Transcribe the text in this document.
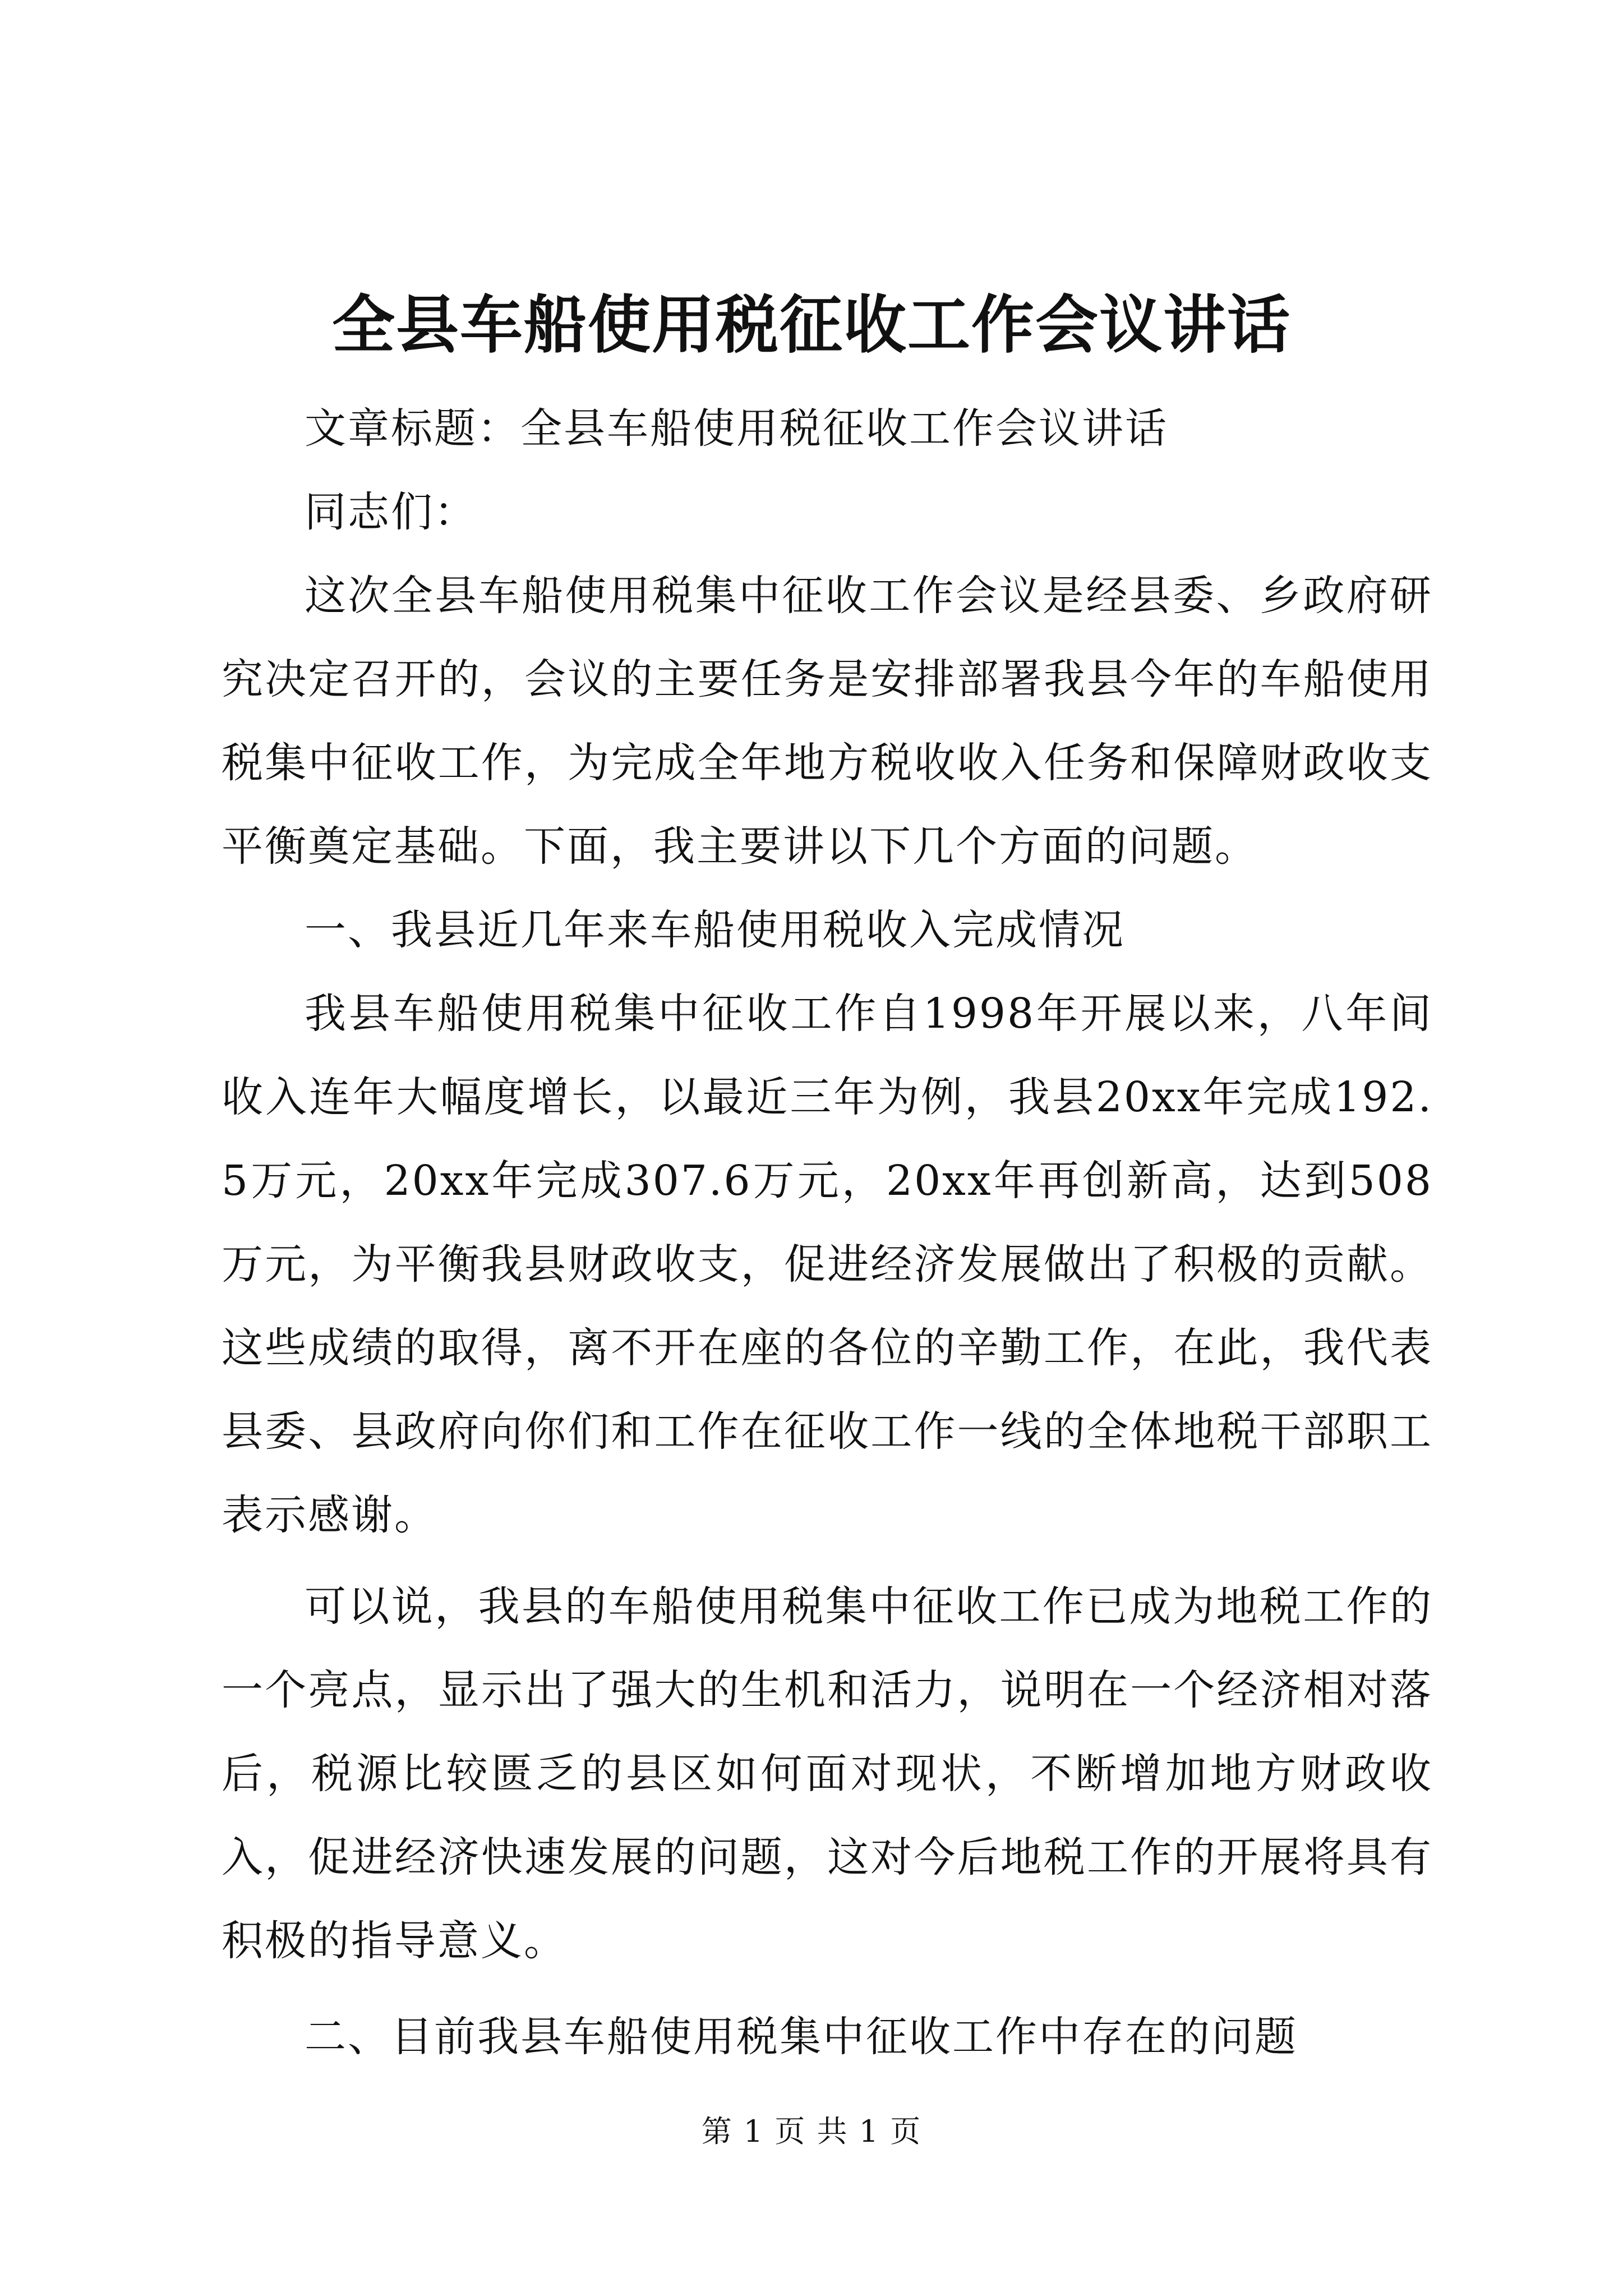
全县车船使用税征收工作会议讲话

文章标题：全县车船使用税征收工作会议讲话

同志们：

这次全县车船使用税集中征收工作会议是经县委、乡政府研究决定召开的，会议的主要任务是安排部署我县今年的车船使用税集中征收工作，为完成全年地方税收收入任务和保障财政收支平衡奠定基础。下面，我主要讲以下几个方面的问题。

一、我县近几年来车船使用税收入完成情况

我县车船使用税集中征收工作自1998年开展以来，八年间收入连年大幅度增长，以最近三年为例，我县20xx年完成192.5万元，20xx年完成307.6万元，20xx年再创新高，达到508万元，为平衡我县财政收支，促进经济发展做出了积极的贡献。这些成绩的取得，离不开在座的各位的辛勤工作，在此，我代表县委、县政府向你们和工作在征收工作一线的全体地税干部职工表示感谢。

可以说，我县的车船使用税集中征收工作已成为地税工作的一个亮点，显示出了强大的生机和活力，说明在一个经济相对落后，税源比较匮乏的县区如何面对现状，不断增加地方财政收入，促进经济快速发展的问题，这对今后地税工作的开展将具有积极的指导意义。

二、目前我县车船使用税集中征收工作中存在的问题

第 1 页 共 1 页
